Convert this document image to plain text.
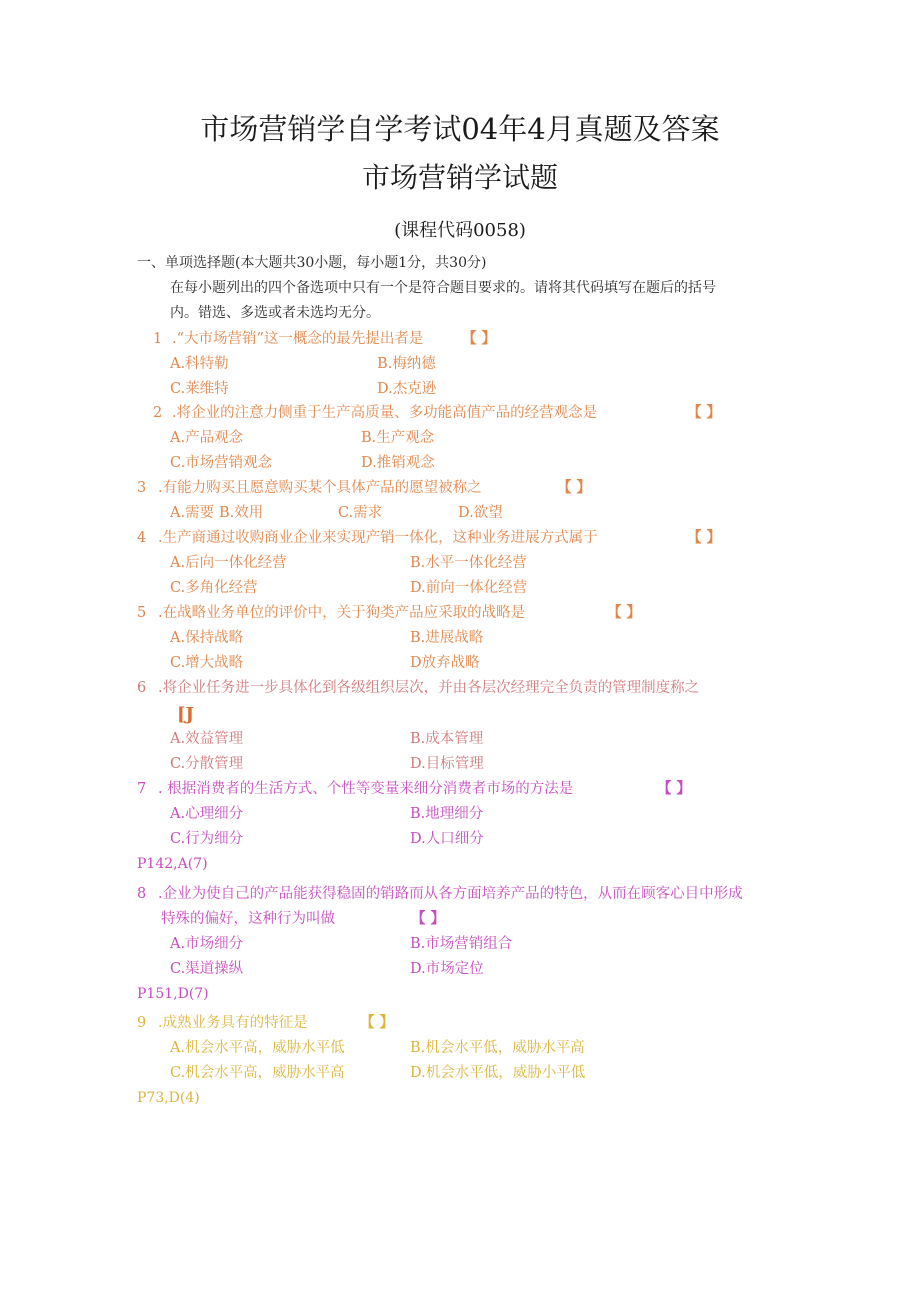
市场营销学自学考试04年4月真题及答案
市场营销学试题
(课程代码0058)
一、单项选择题(本大题共30小题，每小题1分，共30分)
在每小题列出的四个备选项中只有一个是符合题目要求的。请将其代码填写在题后的括号
内。错选、多选或者未选均无分。
1 .“大市场营销”这一概念的最先提出者是	【 】
A.科特勒	B.梅纳德
C.莱维特	D.杰克逊
2 .将企业的注意力侧重于生产高质量、多功能高值产品的经营观念是	【 】
A.产品观念	B.生产观念
C.市场营销观念	D.推销观念
3 .有能力购买且愿意购买某个具体产品的愿望被称之	【 】
A.需要 B.效用	C.需求	D.欲望
4 .生产商通过收购商业企业来实现产销一体化，这种业务进展方式属于	【 】
A.后向一体化经营	B.水平一体化经营
C.多角化经营	D.前向一体化经营
5 .在战略业务单位的评价中，关于狗类产品应采取的战略是	【 】
A.保持战略	B.进展战略
C.增大战略	D放弃战略
6 .将企业任务进一步具体化到各级组织层次，并由各层次经理完全负责的管理制度称之
[J
A.效益管理	B.成本管理
C.分散管理	D.目标管理
7 . 根据消费者的生活方式、个性等变量来细分消费者市场的方法是	【 】
A.心理细分	B.地理细分
C.行为细分	D.人口细分
P142,A(7)
8 .企业为使自己的产品能获得稳固的销路而从各方面培养产品的特色，从而在顾客心目中形成
特殊的偏好，这种行为叫做	【 】
A.市场细分	B.市场营销组合
C.渠道操纵	D.市场定位
P151,D(7)
9 .成熟业务具有的特征是	【 】
A.机会水平高，威胁水平低	B.机会水平低，威胁水平高
C.机会水平高，威胁水平高	D.机会水平低，威胁小平低
P73,D(4)
